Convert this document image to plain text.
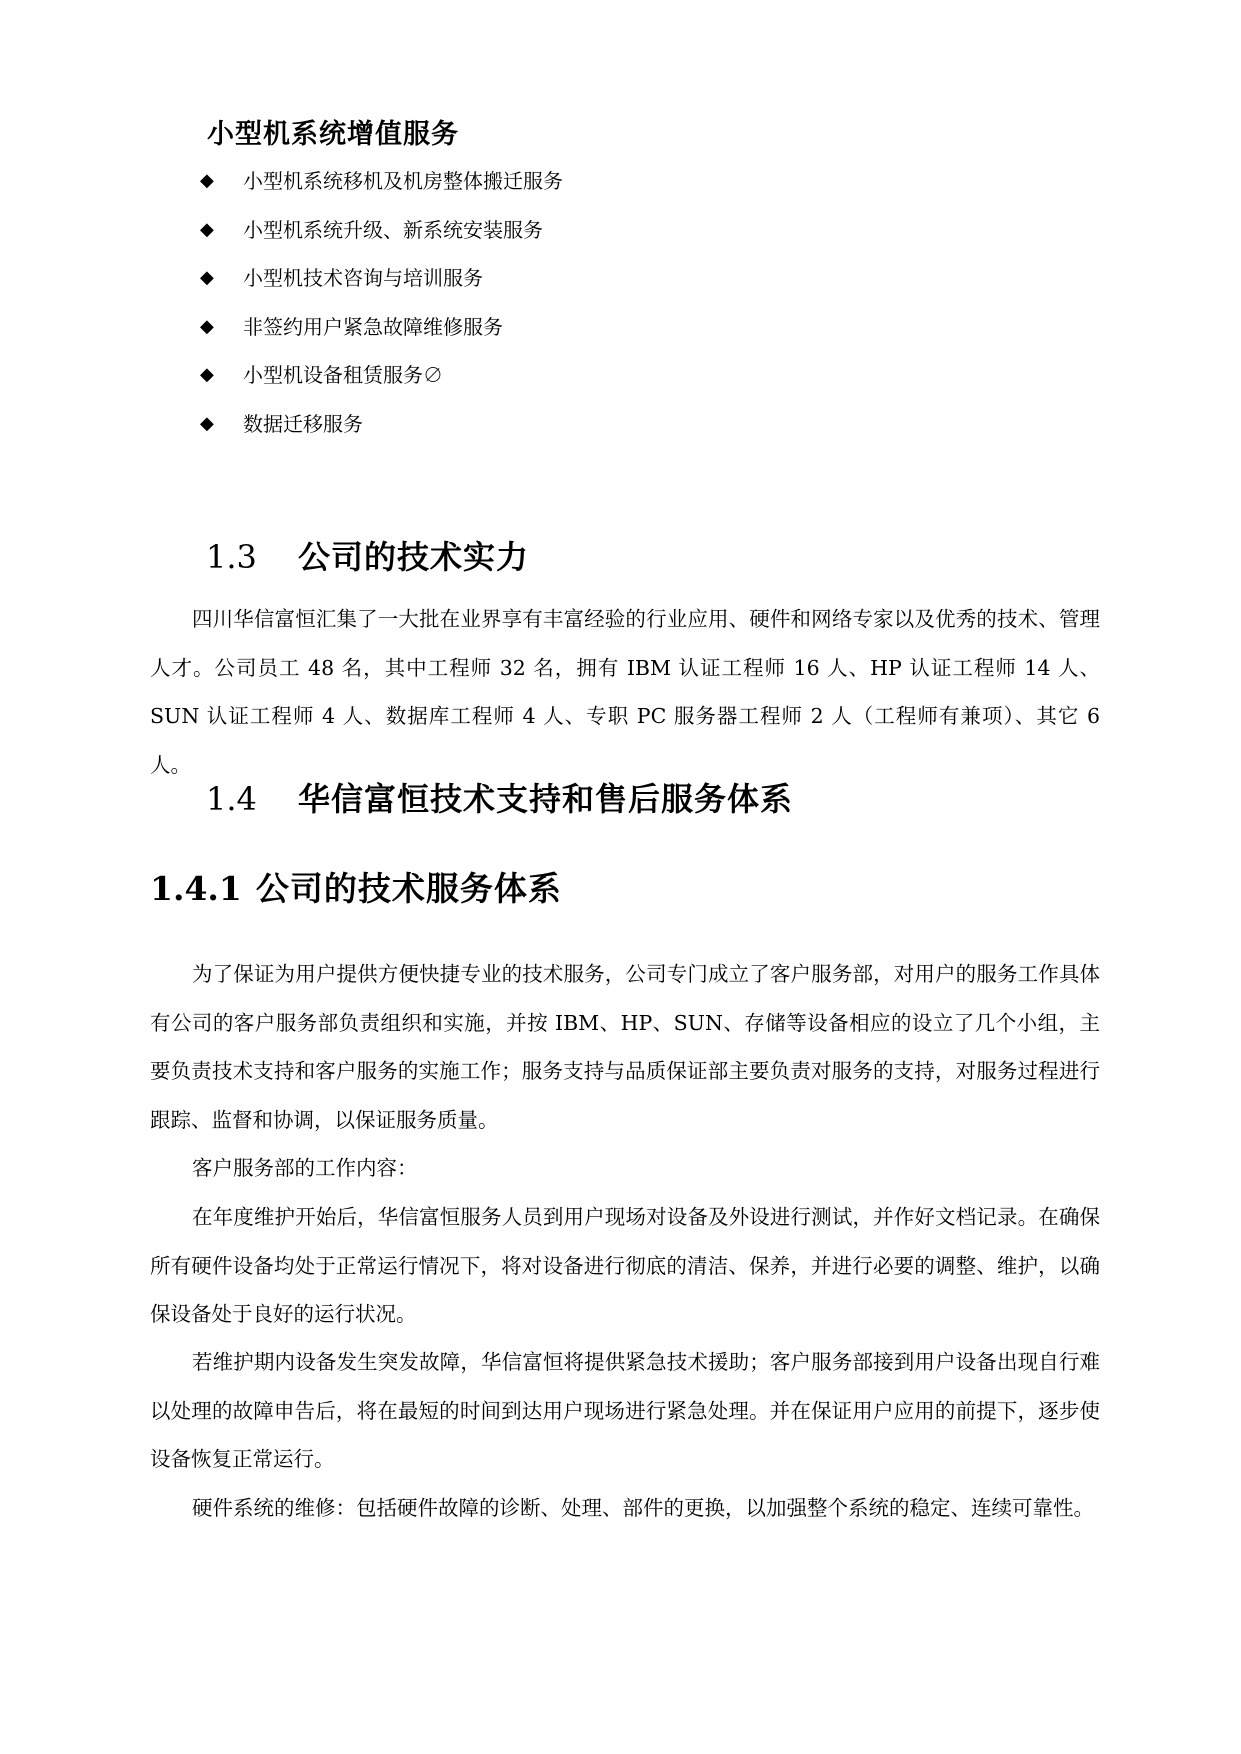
小型机系统增值服务
◆	小型机系统移机及机房整体搬迁服务
◆	小型机系统升级、新系统安装服务
◆	小型机技术咨询与培训服务
◆	非签约用户紧急故障维修服务
◆	小型机设备租赁服务∅
◆	数据迁移服务
1.3 公司的技术实力

四川华信富恒汇集了一大批在业界享有丰富经验的行业应用、硬件和网络专家以及优秀的技术、管理人才。公司员工 48 名，其中工程师 32 名，拥有 IBM 认证工程师 16 人、HP 认证工程师 14 人、SUN 认证工程师 4 人、数据库工程师 4 人、专职 PC 服务器工程师 2 人（工程师有兼项）、其它 6 人。

1.4 华信富恒技术支持和售后服务体系
1.4.1 公司的技术服务体系

为了保证为用户提供方便快捷专业的技术服务，公司专门成立了客户服务部，对用户的服务工作具体有公司的客户服务部负责组织和实施，并按 IBM、HP、SUN、存储等设备相应的设立了几个小组，主要负责技术支持和客户服务的实施工作；服务支持与品质保证部主要负责对服务的支持，对服务过程进行跟踪、监督和协调，以保证服务质量。

客户服务部的工作内容：

在年度维护开始后，华信富恒服务人员到用户现场对设备及外设进行测试，并作好文档记录。在确保所有硬件设备均处于正常运行情况下，将对设备进行彻底的清洁、保养，并进行必要的调整、维护，以确保设备处于良好的运行状况。

若维护期内设备发生突发故障，华信富恒将提供紧急技术援助；客户服务部接到用户设备出现自行难以处理的故障申告后，将在最短的时间到达用户现场进行紧急处理。并在保证用户应用的前提下，逐步使设备恢复正常运行。

硬件系统的维修：包括硬件故障的诊断、处理、部件的更换，以加强整个系统的稳定、连续可靠性。
